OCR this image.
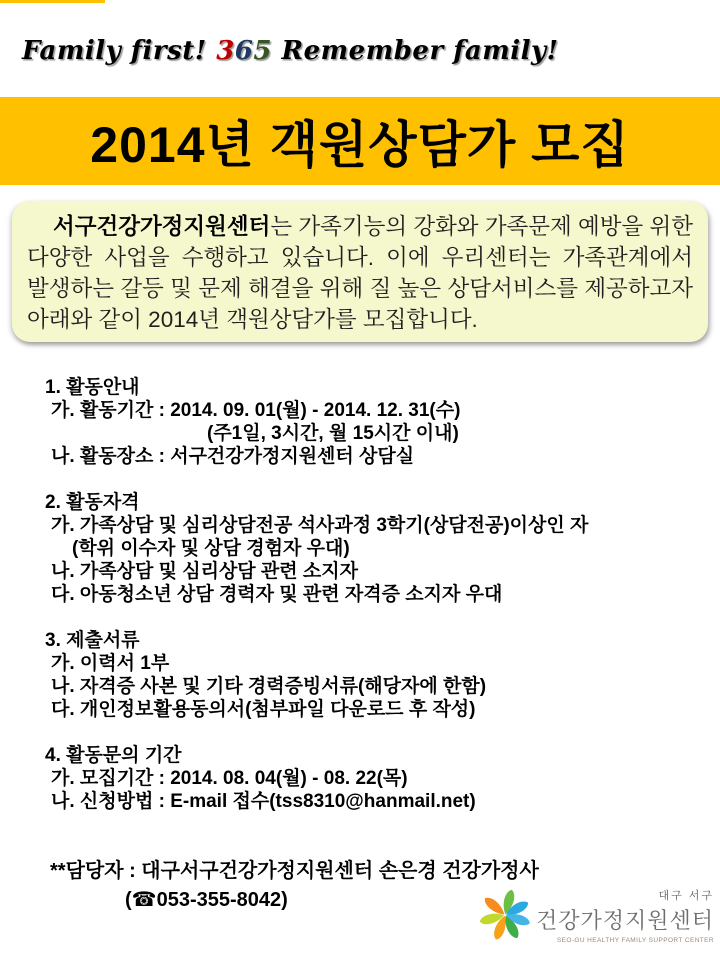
Family first! 365 Remember family!
2014년 객원상담가 모집
서구건강가정지원센터는 가족기능의 강화와 가족문제 예방을 위한 다양한 사업을 수행하고 있습니다. 이에 우리센터는 가족관계에서 발생하는 갈등 및 문제 해결을 위해 질 높은 상담서비스를 제공하고자 아래와 같이 2014년 객원상담가를 모집합니다.
1. 활동안내
가. 활동기간 : 2014. 09. 01(월) - 2014. 12. 31(수)
(주1일, 3시간, 월 15시간 이내)
나. 활동장소 : 서구건강가정지원센터 상담실
2. 활동자격
가. 가족상담 및 심리상담전공 석사과정 3학기(상담전공)이상인 자
(학위 이수자 및 상담 경험자 우대)
나. 가족상담 및 심리상담 관련 소지자
다. 아동청소년 상담 경력자 및 관련 자격증 소지자 우대
3. 제출서류
가. 이력서 1부
나. 자격증 사본 및 기타 경력증빙서류(해당자에 한함)
다. 개인정보활용동의서(첨부파일 다운로드 후 작성)
4. 활동문의 기간
가. 모집기간 : 2014. 08. 04(월) - 08. 22(목)
나. 신청방법 : E-mail 접수(tss8310@hanmail.net)
**담당자 : 대구서구건강가정지원센터 손은경 건강가정사
(☎053-355-8042)	대구 서구
건강가정지원센터
SEO-GU HEALTHY FAMILY SUPPORT CENTER
